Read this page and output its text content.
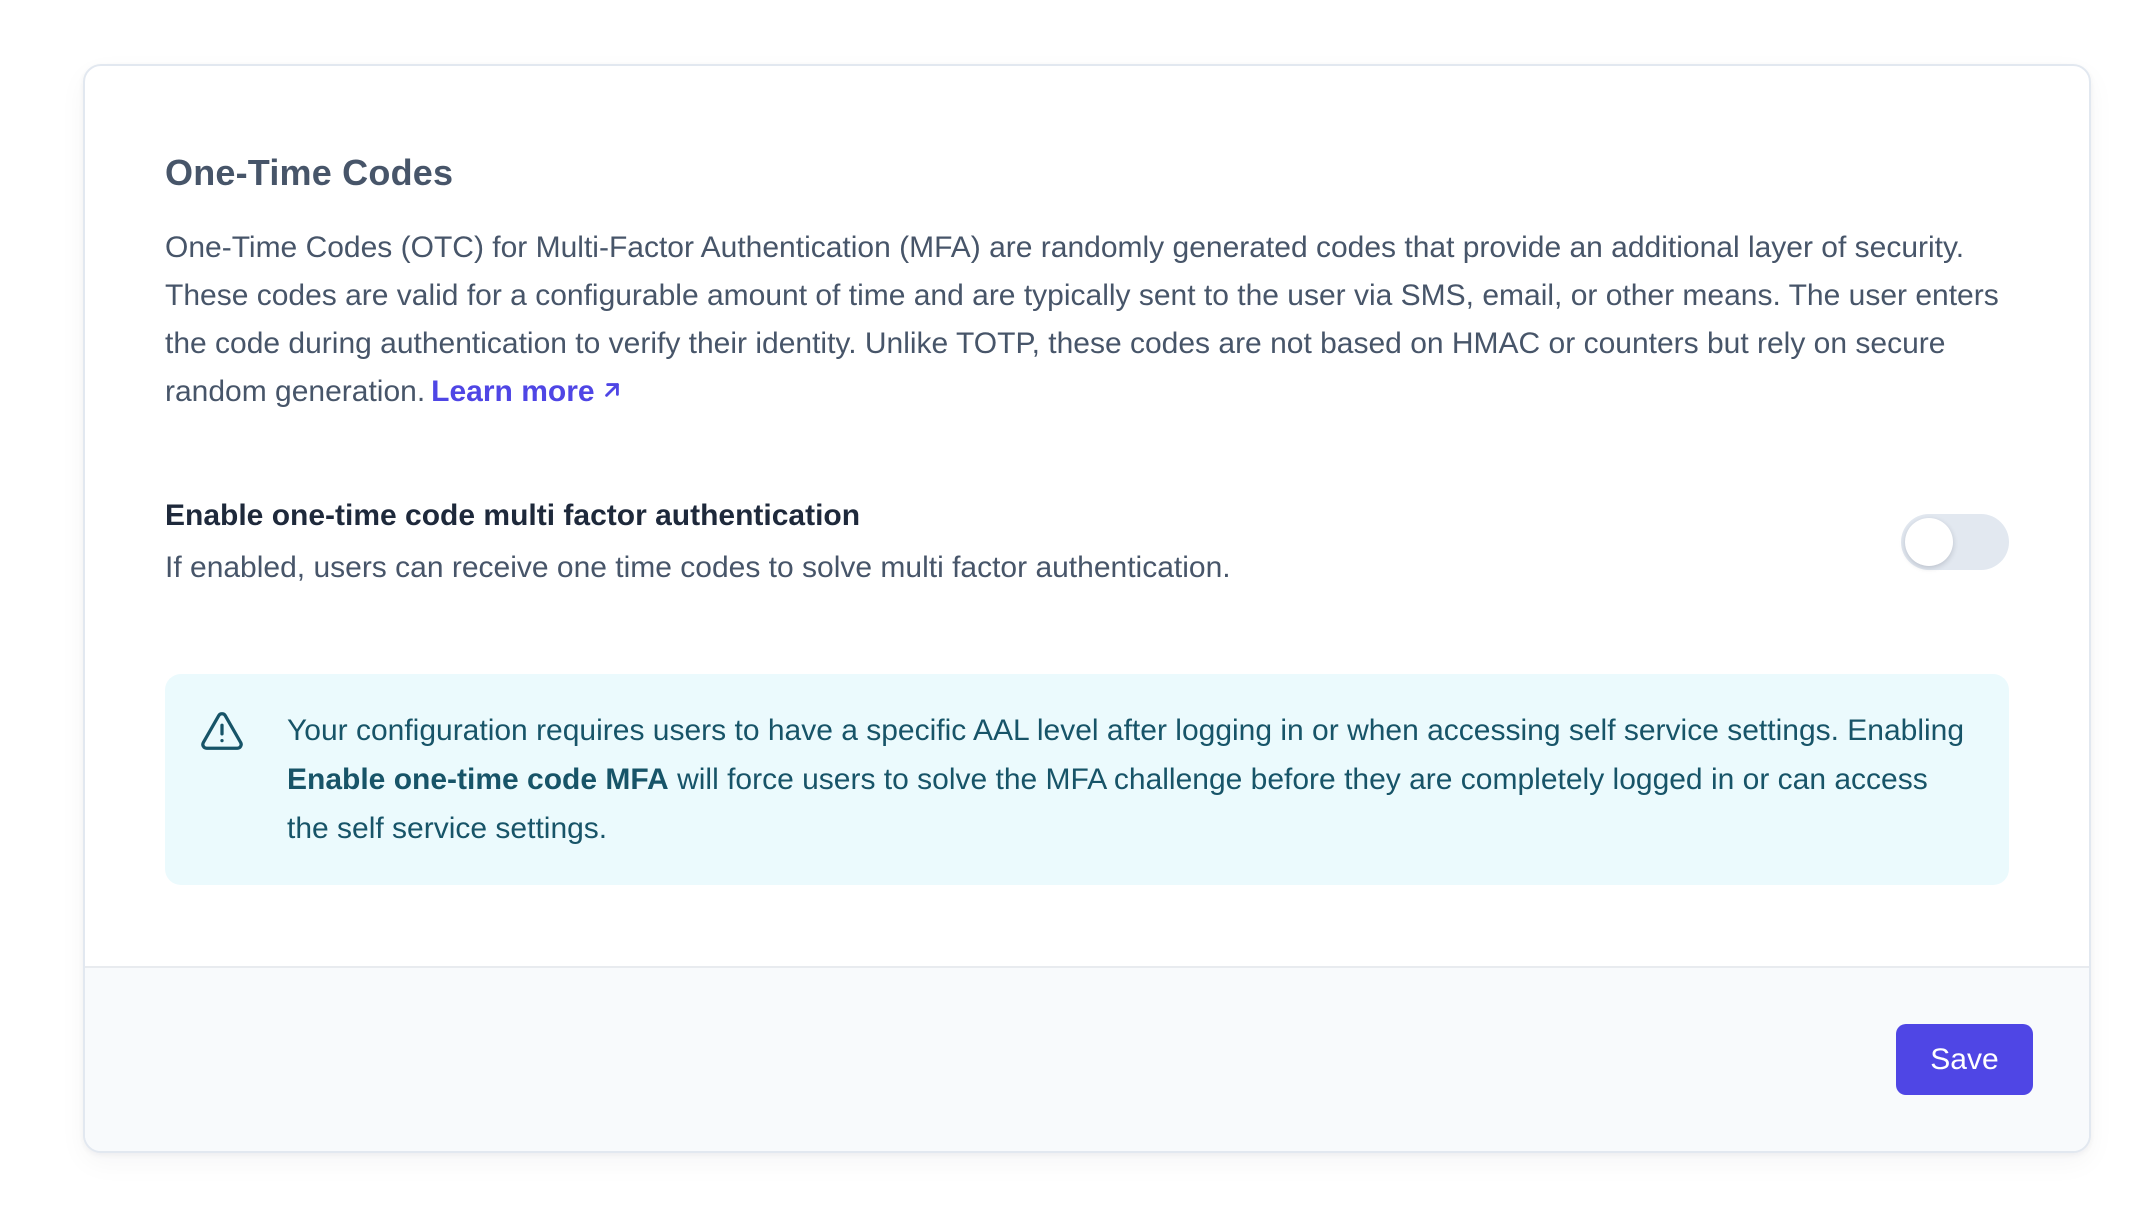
One-Time Codes

One-Time Codes (OTC) for Multi-Factor Authentication (MFA) are randomly generated codes that provide an additional layer of security. These codes are valid for a configurable amount of time and are typically sent to the user via SMS, email, or other means. The user enters the code during authentication to verify their identity. Unlike TOTP, these codes are not based on HMAC or counters but rely on secure random generation. Learn more

Enable one-time code multi factor authentication
If enabled, users can receive one time codes to solve multi factor authentication.
Your configuration requires users to have a specific AAL level after logging in or when accessing self service settings. Enabling Enable one-time code MFA will force users to solve the MFA challenge before they are completely logged in or can access the self service settings.
Save
